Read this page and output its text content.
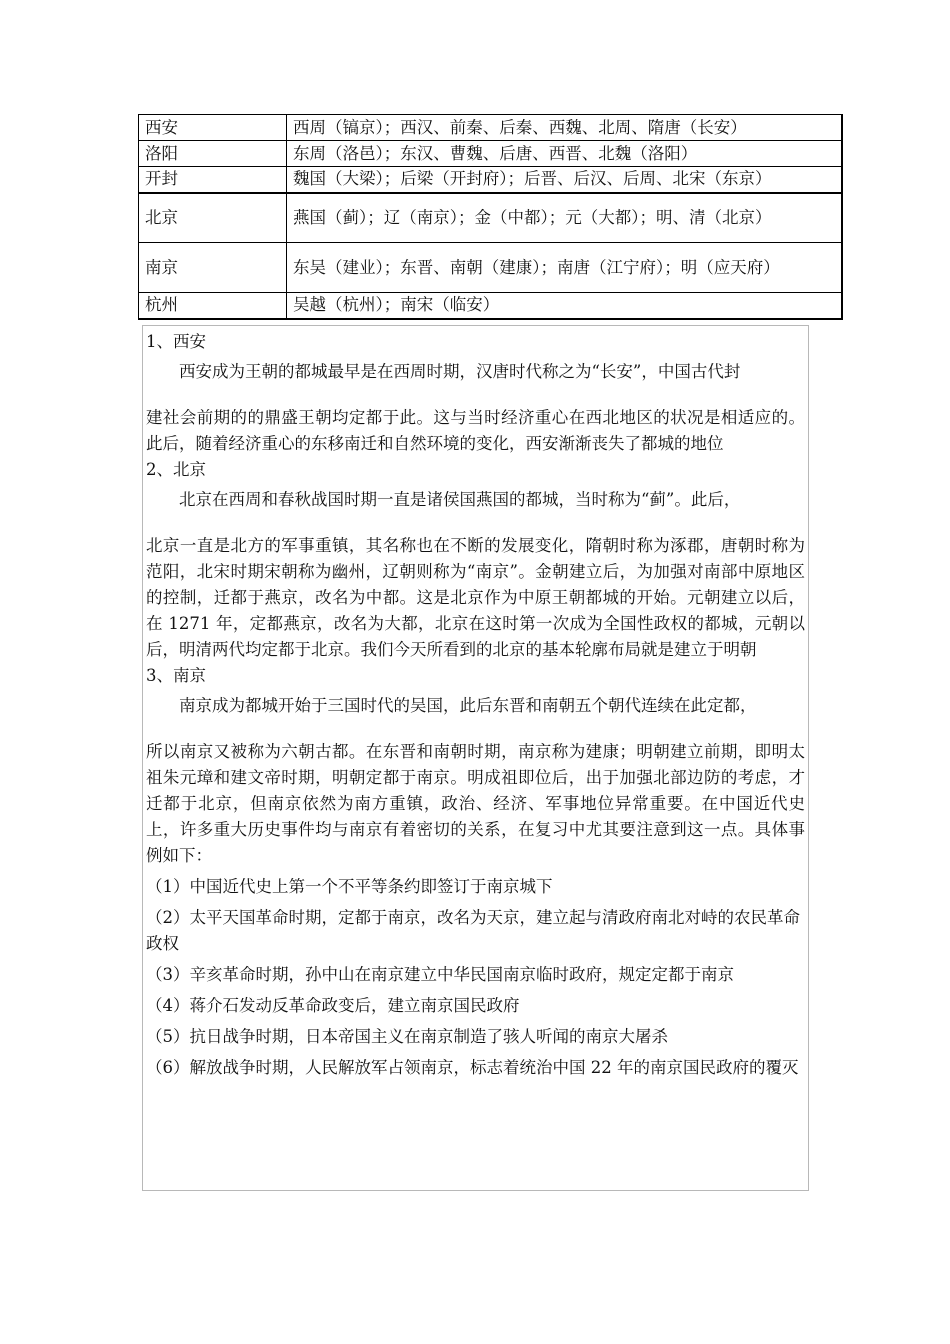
西安	西周（镐京）；西汉、前秦、后秦、西魏、北周、隋唐（长安）
洛阳	东周（洛邑）；东汉、曹魏、后唐、西晋、北魏（洛阳）
开封	魏国（大梁）；后梁（开封府）；后晋、后汉、后周、北宋（东京）
北京	燕国（蓟）；辽（南京）；金（中都）；元（大都）；明、清（北京）
南京	东吴（建业）；东晋、南朝（建康）；南唐（江宁府）；明（应天府）
杭州	吴越（杭州）；南宋（临安）

1、西安

西安成为王朝的都城最早是在西周时期，汉唐时代称之为“长安”，中国古代封

建社会前期的的鼎盛王朝均定都于此。这与当时经济重心在西北地区的状况是相适应的。此后，随着经济重心的东移南迁和自然环境的变化，西安渐渐丧失了都城的地位

2、北京

北京在西周和春秋战国时期一直是诸侯国燕国的都城，当时称为“蓟”。此后，

北京一直是北方的军事重镇，其名称也在不断的发展变化，隋朝时称为涿郡，唐朝时称为范阳，北宋时期宋朝称为幽州，辽朝则称为“南京”。金朝建立后，为加强对南部中原地区的控制，迁都于燕京，改名为中都。这是北京作为中原王朝都城的开始。元朝建立以后，在 1271 年，定都燕京，改名为大都，北京在这时第一次成为全国性政权的都城，元朝以后，明清两代均定都于北京。我们今天所看到的北京的基本轮廓布局就是建立于明朝

3、南京

南京成为都城开始于三国时代的吴国，此后东晋和南朝五个朝代连续在此定都，

所以南京又被称为六朝古都。在东晋和南朝时期，南京称为建康；明朝建立前期，即明太祖朱元璋和建文帝时期，明朝定都于南京。明成祖即位后，出于加强北部边防的考虑，才迁都于北京，但南京依然为南方重镇，政治、经济、军事地位异常重要。在中国近代史上，许多重大历史事件均与南京有着密切的关系，在复习中尤其要注意到这一点。具体事例如下：

（1）中国近代史上第一个不平等条约即签订于南京城下

（2）太平天国革命时期，定都于南京，改名为天京，建立起与清政府南北对峙的农民革命政权

（3）辛亥革命时期，孙中山在南京建立中华民国南京临时政府，规定定都于南京

（4）蒋介石发动反革命政变后，建立南京国民政府

（5）抗日战争时期，日本帝国主义在南京制造了骇人听闻的南京大屠杀

（6）解放战争时期，人民解放军占领南京，标志着统治中国 22 年的南京国民政府的覆灭
